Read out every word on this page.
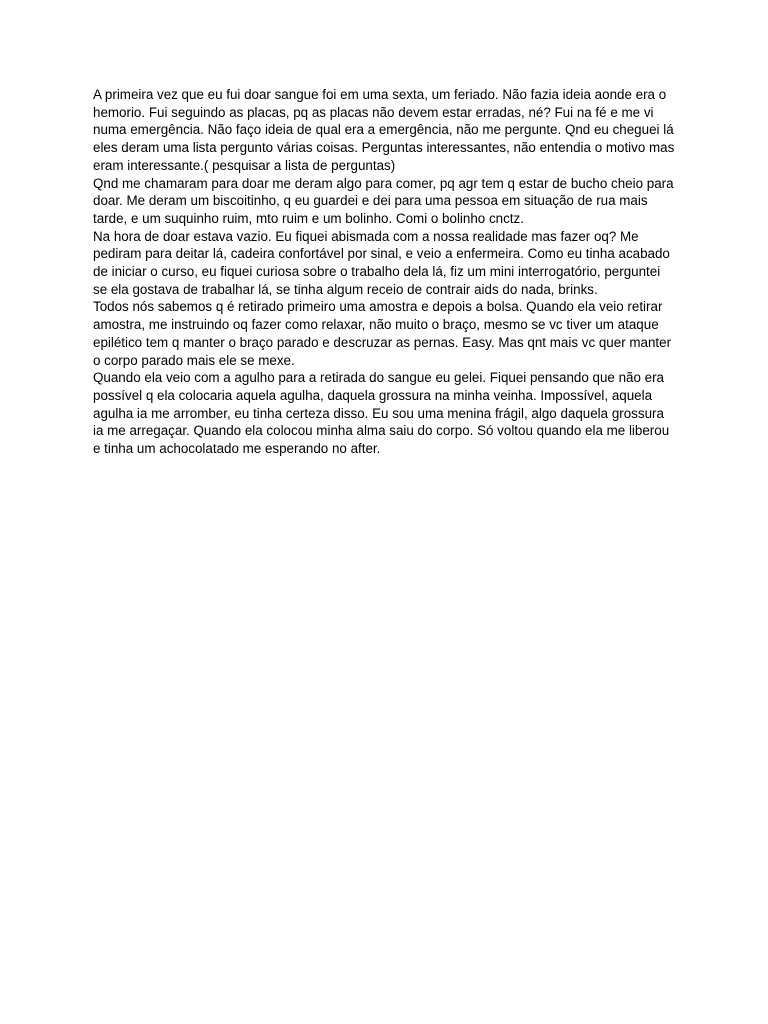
A primeira vez que eu fui doar sangue foi em uma sexta, um feriado. Não fazia ideia aonde era o hemorio. Fui seguindo as placas, pq as placas não devem estar erradas, né? Fui na fé e me vi numa emergência. Não faço ideia de qual era a emergência, não me pergunte. Qnd eu cheguei lá eles deram uma lista pergunto várias coisas. Perguntas interessantes, não entendia o motivo mas eram interessante.( pesquisar a lista de perguntas)

Qnd me chamaram para doar me deram algo para comer, pq agr tem q estar de bucho cheio para doar. Me deram um biscoitinho, q eu guardei e dei para uma pessoa em situação de rua mais tarde, e um suquinho ruim, mto ruim e um bolinho. Comi o bolinho cnctz.

Na hora de doar estava vazio. Eu fiquei abismada com a nossa realidade mas fazer oq? Me pediram para deitar lá, cadeira confortável por sinal, e veio a enfermeira. Como eu tinha acabado de iniciar o curso, eu fiquei curiosa sobre o trabalho dela lá, fiz um mini interrogatório, perguntei se ela gostava de trabalhar lá, se tinha algum receio de contrair aids do nada, brinks.

Todos nós sabemos q é retirado primeiro uma amostra e depois a bolsa. Quando ela veio retirar amostra, me instruindo oq fazer como relaxar, não muito o braço, mesmo se vc tiver um ataque epilético tem q manter o braço parado e descruzar as pernas. Easy. Mas qnt mais vc quer manter o corpo parado mais ele se mexe.

Quando ela veio com a agulho para a retirada do sangue eu gelei. Fiquei pensando que não era possível q ela colocaria aquela agulha, daquela grossura na minha veinha. Impossível, aquela agulha ia me arromber, eu tinha certeza disso. Eu sou uma menina frágil, algo daquela grossura ia me arregaçar. Quando ela colocou minha alma saiu do corpo. Só voltou quando ela me liberou e tinha um achocolatado me esperando no after.
